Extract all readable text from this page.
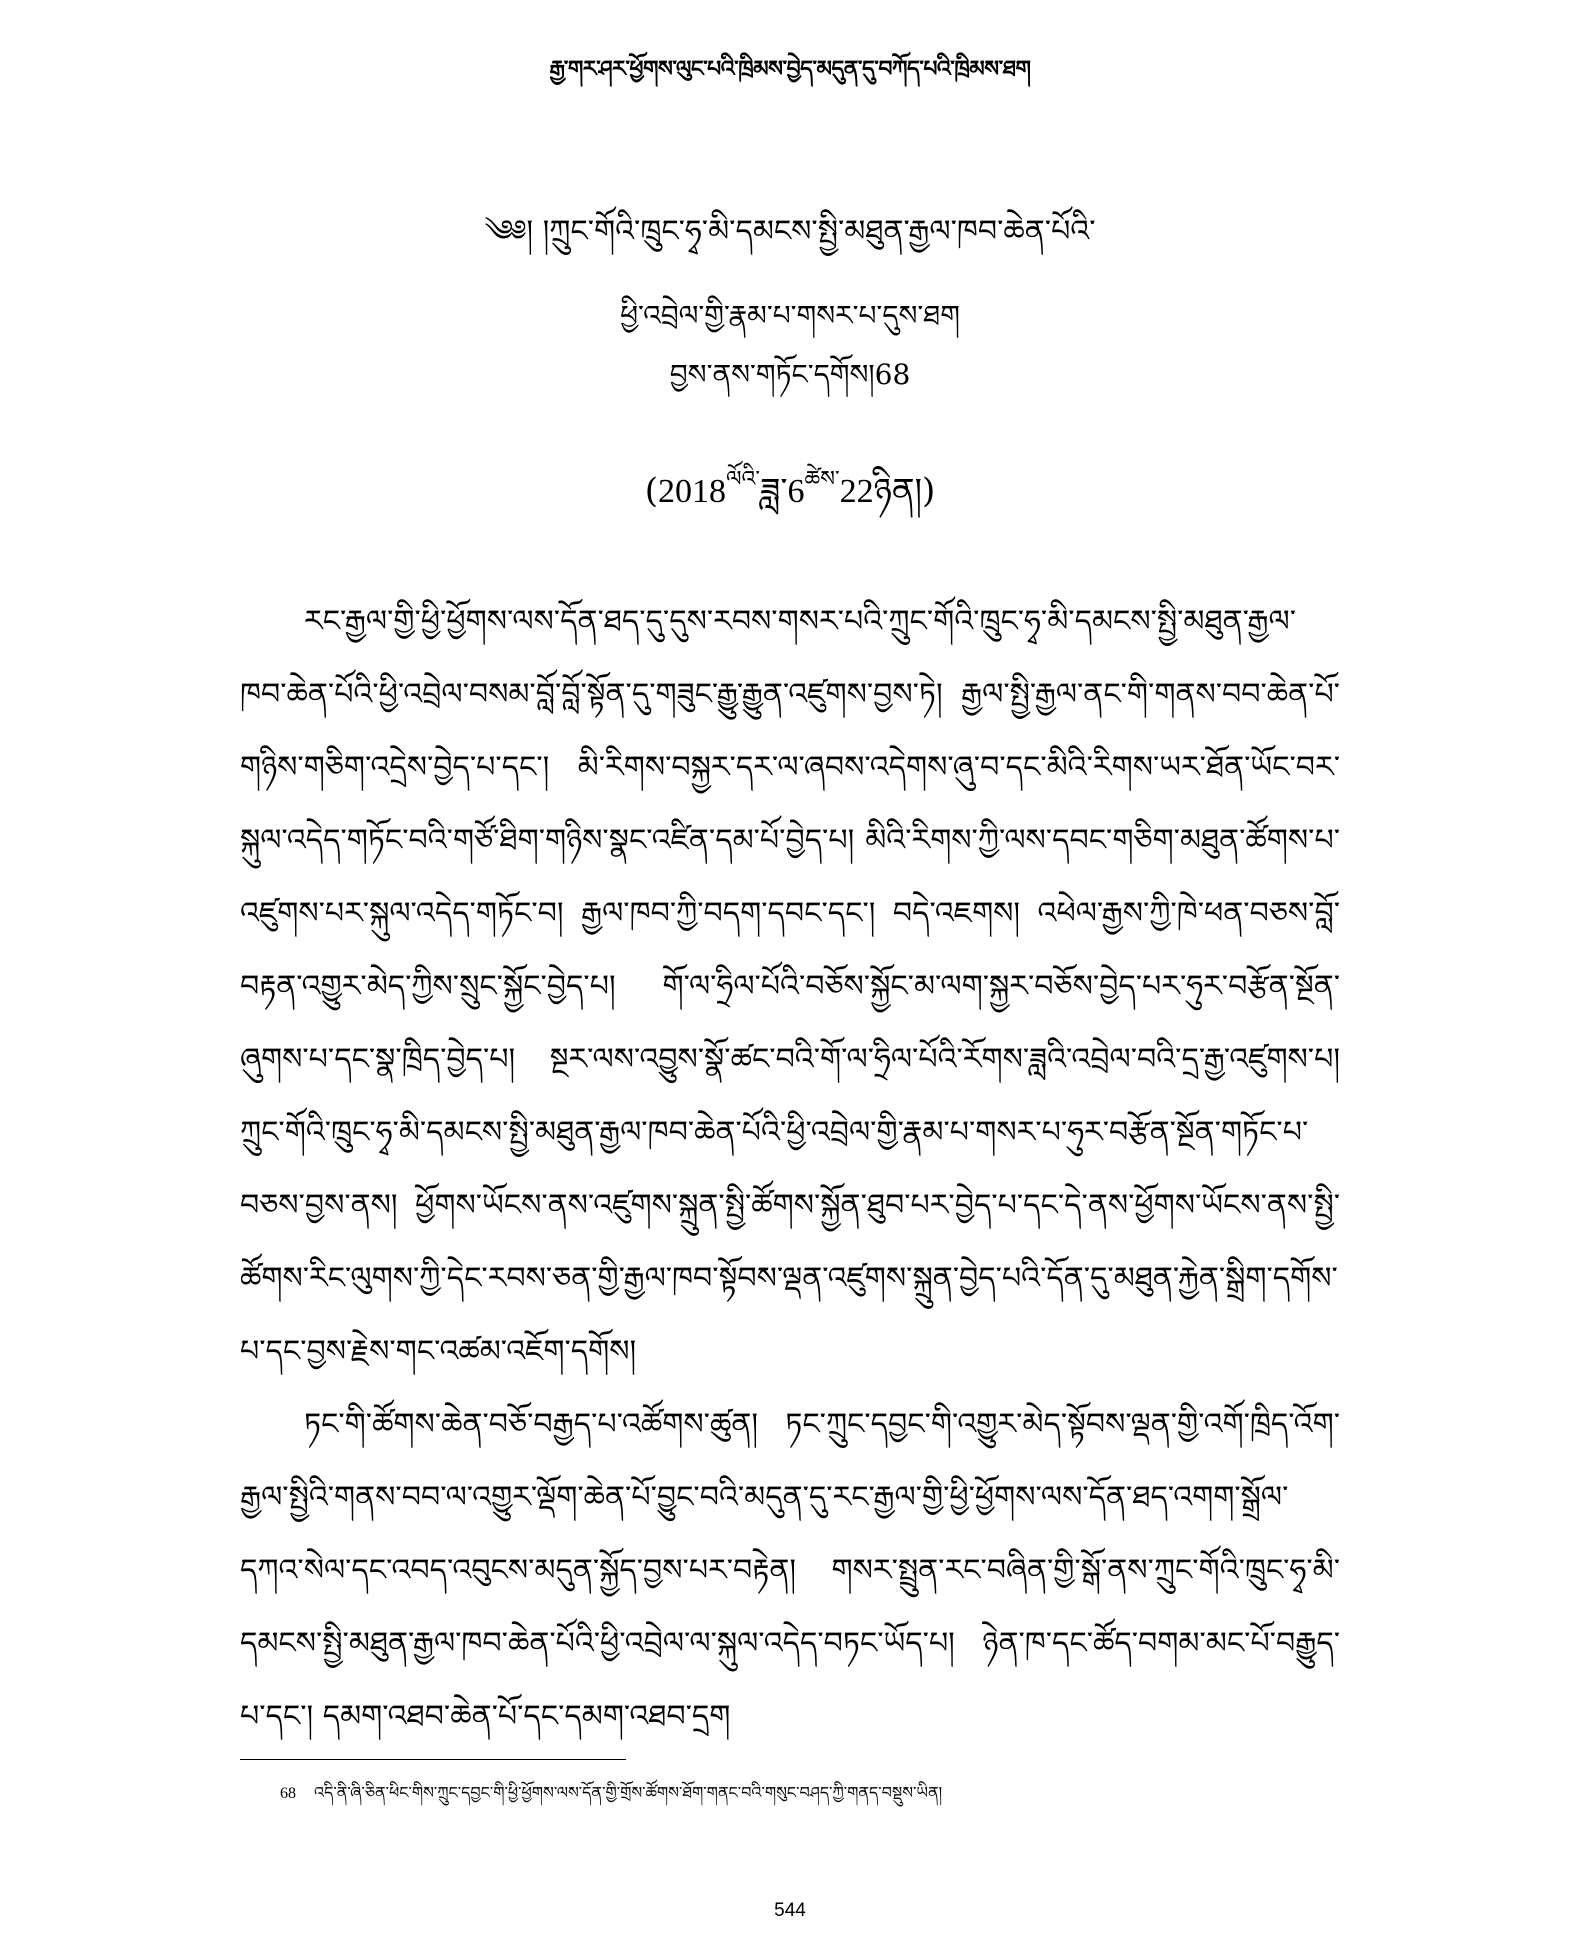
རྒྱ་གར་ཤར་ཕྱོགས་ལུང་པའི་ཁྲིམས་བྱེད་མདུན་དུ་བཀོད་པའི་ཁྲིམས་ཐག
༄༅། །ཀྲུང་གོའི་ཁྲུང་ཧྭ་མི་དམངས་སྤྱི་མཐུན་རྒྱལ་ཁབ་ཆེན་པོའི་
ཕྱི་འབྲེལ་གྱི་རྣམ་པ་གསར་པ་དུས་ཐག
བྱས་ནས་གཏོང་དགོས།68
$(2018^{ལོའི་}ཟླ་6^{ཚེས་}22ཉིན།)$

རང་རྒྱལ་གྱི་ཕྱི་ཕྱོགས་ལས་དོན་ཐད་དུ་དུས་རབས་གསར་པའི་ཀྲུང་གོའི་ཁྲུང་ཧྭ་མི་དམངས་སྤྱི་མཐུན་རྒྱལ་ཁབ་ཆེན་པོའི་ཕྱི་འབྲེལ་བསམ་བློ་བློ་སྟོན་དུ་གཟུང་རྒྱུ་རྒྱུན་འཛུགས་བྱས་ཏེ། རྒྱལ་སྤྱི་རྒྱལ་ནང་གི་གནས་བབ་ཆེན་པོ་གཉིས་གཅིག་འདྲེས་བྱེད་པ་དང་། མི་རིགས་བསྐྱར་དར་ལ་ཞབས་འདེགས་ཞུ་བ་དང་མིའི་རིགས་ཡར་ཐོན་ཡོང་བར་སྐུལ་འདེད་གཏོང་བའི་གཙོ་ཐིག་གཉིས་སྣང་འཛིན་དམ་པོ་བྱེད་པ། མིའི་རིགས་ཀྱི་ལས་དབང་གཅིག་མཐུན་ཚོགས་པ་འཛུགས་པར་སྐུལ་འདེད་གཏོང་བ། རྒྱལ་ཁབ་ཀྱི་བདག་དབང་དང་། བདེ་འཇགས། འཕེལ་རྒྱས་ཀྱི་ཁེ་ཕན་བཅས་བློ་བརྟན་འགྱུར་མེད་ཀྱིས་སྲུང་སྐྱོང་བྱེད་པ། གོ་ལ་ཧྲིལ་པོའི་བཅོས་སྐྱོང་མ་ལག་སྐྱར་བཅོས་བྱེད་པར་ཧུར་བརྩོན་སྔོན་ཞུགས་པ་དང་སྣ་ཁྲིད་བྱེད་པ། སྔར་ལས་འབྱུས་སྣོ་ཚང་བའི་གོ་ལ་ཧྲིལ་པོའི་རོགས་ཟླའི་འབྲེལ་བའི་དྲ་རྒྱ་འཛུགས་པ། ཀྲུང་གོའི་ཁྲུང་ཧྭ་མི་དམངས་སྤྱི་མཐུན་རྒྱལ་ཁབ་ཆེན་པོའི་ཕྱི་འབྲེལ་གྱི་རྣམ་པ་གསར་པ་ཧུར་བརྩོན་སྔོན་གཏོང་པ་བཅས་བྱས་ནས། ཕྱོགས་ཡོངས་ནས་འཛུགས་སྐྲུན་སྤྱི་ཚོགས་སྐྱོན་ཐུབ་པར་བྱེད་པ་དང་དེ་ནས་ཕྱོགས་ཡོངས་ནས་སྤྱི་ཚོགས་རིང་ལུགས་ཀྱི་དེང་རབས་ཅན་གྱི་རྒྱལ་ཁབ་སྟོབས་ལྡན་འཛུགས་སྐྲུན་བྱེད་པའི་དོན་དུ་མཐུན་རྐྱེན་སྒྲིག་དགོས་པ་དང་བྱས་རྗེས་གང་འཚམ་འཇོག་དགོས།

ཏང་གི་ཚོགས་ཆེན་བཅོ་བརྒྱད་པ་འཚོགས་ཚུན། ཏང་ཀྲུང་དབྱང་གི་འགྱུར་མེད་སྟོབས་ལྡན་གྱི་འགོ་ཁྲིད་འོག་རྒྱལ་སྤྱིའི་གནས་བབ་ལ་འགྱུར་ལྡོག་ཆེན་པོ་བྱུང་བའི་མདུན་དུ་རང་རྒྱལ་གྱི་ཕྱི་ཕྱོགས་ལས་དོན་ཐད་འགག་སྒྲོལ་དཀའ་སེལ་དང་འབད་འབུངས་མདུན་སྐྱོད་བྱས་པར་བརྟེན། གསར་སྤྲུན་རང་བཞིན་གྱི་སྒོ་ནས་ཀྲུང་གོའི་ཁྲུང་ཧྭ་མི་དམངས་སྤྱི་མཐུན་རྒྱལ་ཁབ་ཆེན་པོའི་ཕྱི་འབྲེལ་ལ་སྐུལ་འདེད་བཏང་ཡོད་པ། ཉེན་ཁ་དང་ཚོད་བགམ་མང་པོ་བརྒྱུད་པ་དང་། དམག་འཐབ་ཆེན་པོ་དང་དམག་འཐབ་དྲག

68 འདི་ནི་ཞི་ཅིན་ཕིང་གིས་ཀྲུང་དབྱང་གི་ཕྱི་ཕྱོགས་ལས་དོན་གྱི་གྲོས་ཚོགས་ཐོག་གནང་བའི་གསུང་བཤད་ཀྱི་གནད་བསྡུས་ཡིན།
544
